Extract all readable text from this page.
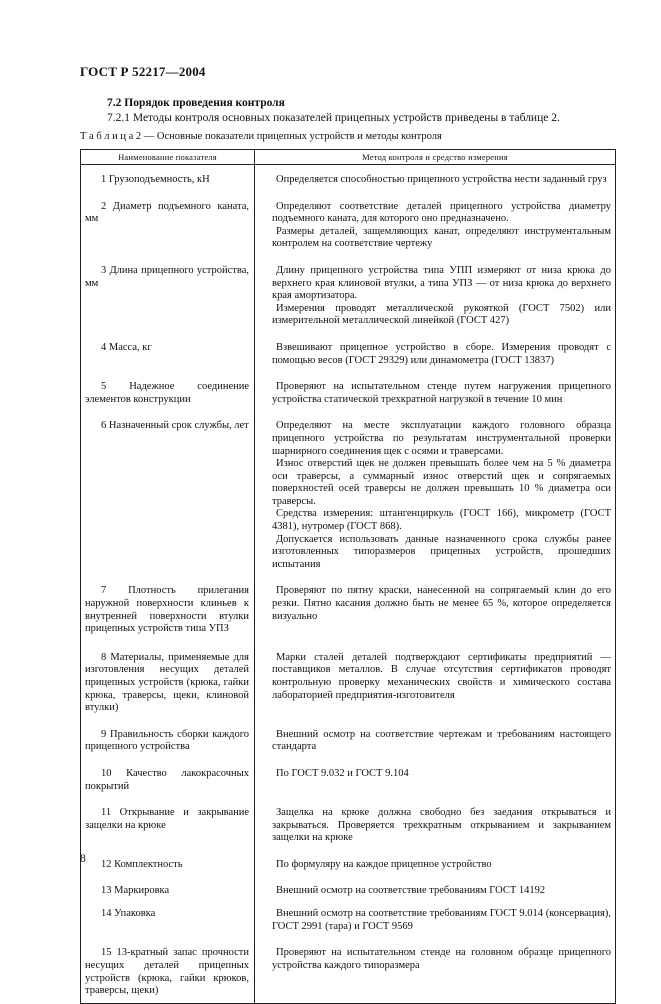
ГОСТ Р 52217—2004
7.2 Порядок проведения контроля
7.2.1 Методы контроля основных показателей прицепных устройств приведены в таблице 2.
Т а б л и ц а 2 — Основные показатели прицепных устройств и методы контроля
Наименование показателя	Метод контроля и средство измерения

1 Грузоподъемность, кН	Определяется способностью прицепного устройства нести заданный груз

2 Диаметр подъемного каната, мм	Определяют соответствие деталей прицепного устройства диаметру подъемного каната, для которого оно предназначено.
Размеры деталей, защемляющих канат, определяют инструментальным контролем на соответствие чертежу

3 Длина прицепного устройства, мм	Длину прицепного устройства типа УПП измеряют от низа крюка до верхнего края клиновой втулки, а типа УПЗ — от низа крюка до верхнего края амортизатора.
Измерения проводят металлической рукояткой (ГОСТ 7502) или измерительной металлической линейкой (ГОСТ 427)

4 Масса, кг	Взвешивают прицепное устройство в сборе. Измерения проводят с помощью весов (ГОСТ 29329) или динамометра (ГОСТ 13837)

5 Надежное соединение элементов конструкции	Проверяют на испытательном стенде путем нагружения прицепного устройства статической трехкратной нагрузкой в течение 10 мин

6 Назначенный срок службы, лет	Определяют на месте эксплуатации каждого головного образца прицепного устройства по результатам инструментальной проверки шарнирного соединения щек с осями и траверсами.
Износ отверстий щек не должен превышать более чем на 5 % диаметра оси траверсы, а суммарный износ отверстий щек и сопрягаемых поверхностей осей траверсы не должен превышать 10 % диаметра оси траверсы.
Средства измерения: штангенциркуль (ГОСТ 166), микрометр (ГОСТ 4381), нутромер (ГОСТ 868).
Допускается использовать данные назначенного срока службы ранее изготовленных типоразмеров прицепных устройств, прошедших испытания

7 Плотность прилегания наружной поверхности клиньев к внутренней поверхности втулки прицепных устройств типа УПЗ	Проверяют по пятну краски, нанесенной на сопрягаемый клин до его резки. Пятно касания должно быть не менее 65 %, которое определяется визуально

8 Материалы, применяемые для изготовления несущих деталей прицепных устройств (крюка, гайки крюка, траверсы, щеки, клиновой втулки)	Марки сталей деталей подтверждают сертификаты предприятий — поставщиков металлов. В случае отсутствия сертификатов проводят контрольную проверку механических свойств и химического состава лабораторией предприятия-изготовителя

9 Правильность сборки каждого прицепного устройства	Внешний осмотр на соответствие чертежам и требованиям настоящего стандарта

10 Качество лакокрасочных покрытий	По ГОСТ 9.032 и ГОСТ 9.104

11 Открывание и закрывание защелки на крюке	Защелка на крюке должна свободно без заедания открываться и закрываться. Проверяется трехкратным открыванием и закрыванием защелки на крюке

12 Комплектность	По формуляру на каждое прицепное устройство

13 Маркировка	Внешний осмотр на соответствие требованиям ГОСТ 14192

14 Упаковка	Внешний осмотр на соответствие требованиям ГОСТ 9.014 (консервация), ГОСТ 2991 (тара) и ГОСТ 9569

15 13-кратный запас прочности несущих деталей прицепных устройств (крюка, гайки крюков, траверсы, щеки)	Проверяют на испытательном стенде на головном образце прицепного устройства каждого типоразмера
8
